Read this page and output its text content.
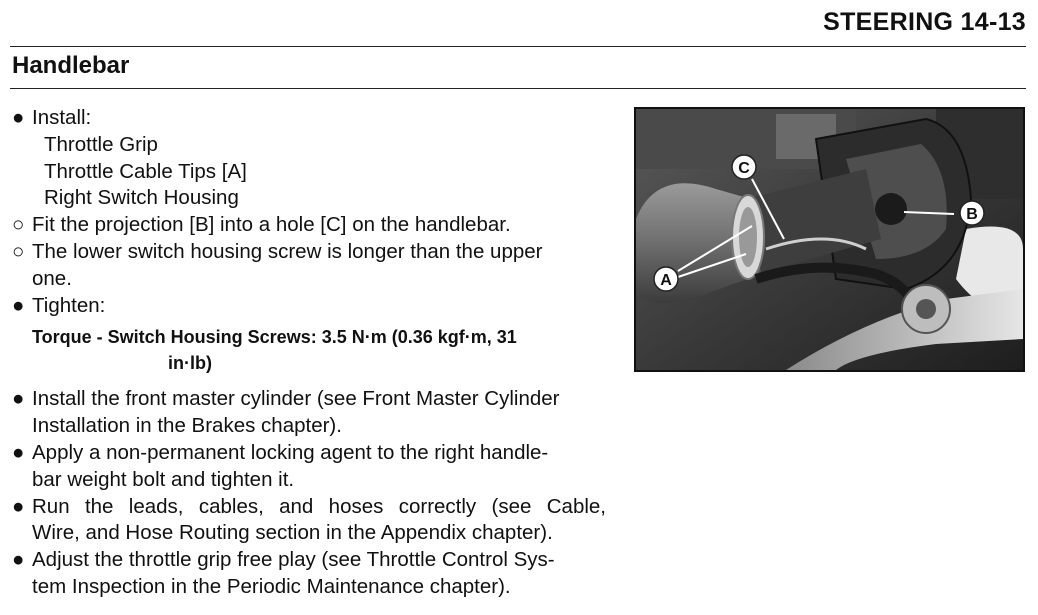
STEERING 14-13
Handlebar
● Install:
Throttle Grip
Throttle Cable Tips [A]
Right Switch Housing
○ Fit the projection [B] into a hole [C] on the handlebar.
○ The lower switch housing screw is longer than the upper
one.
● Tighten:
Torque - Switch Housing Screws: 3.5 N·m (0.36 kgf·m, 31
in·lb)
● Install the front master cylinder (see Front Master Cylinder
Installation in the Brakes chapter).
● Apply a non-permanent locking agent to the right handle-
bar weight bolt and tighten it.
● Run the leads, cables, and hoses correctly (see Cable,
Wire, and Hose Routing section in the Appendix chapter).
● Adjust the throttle grip free play (see Throttle Control Sys-
tem Inspection in the Periodic Maintenance chapter).
C
A
B
GN06B404 P
